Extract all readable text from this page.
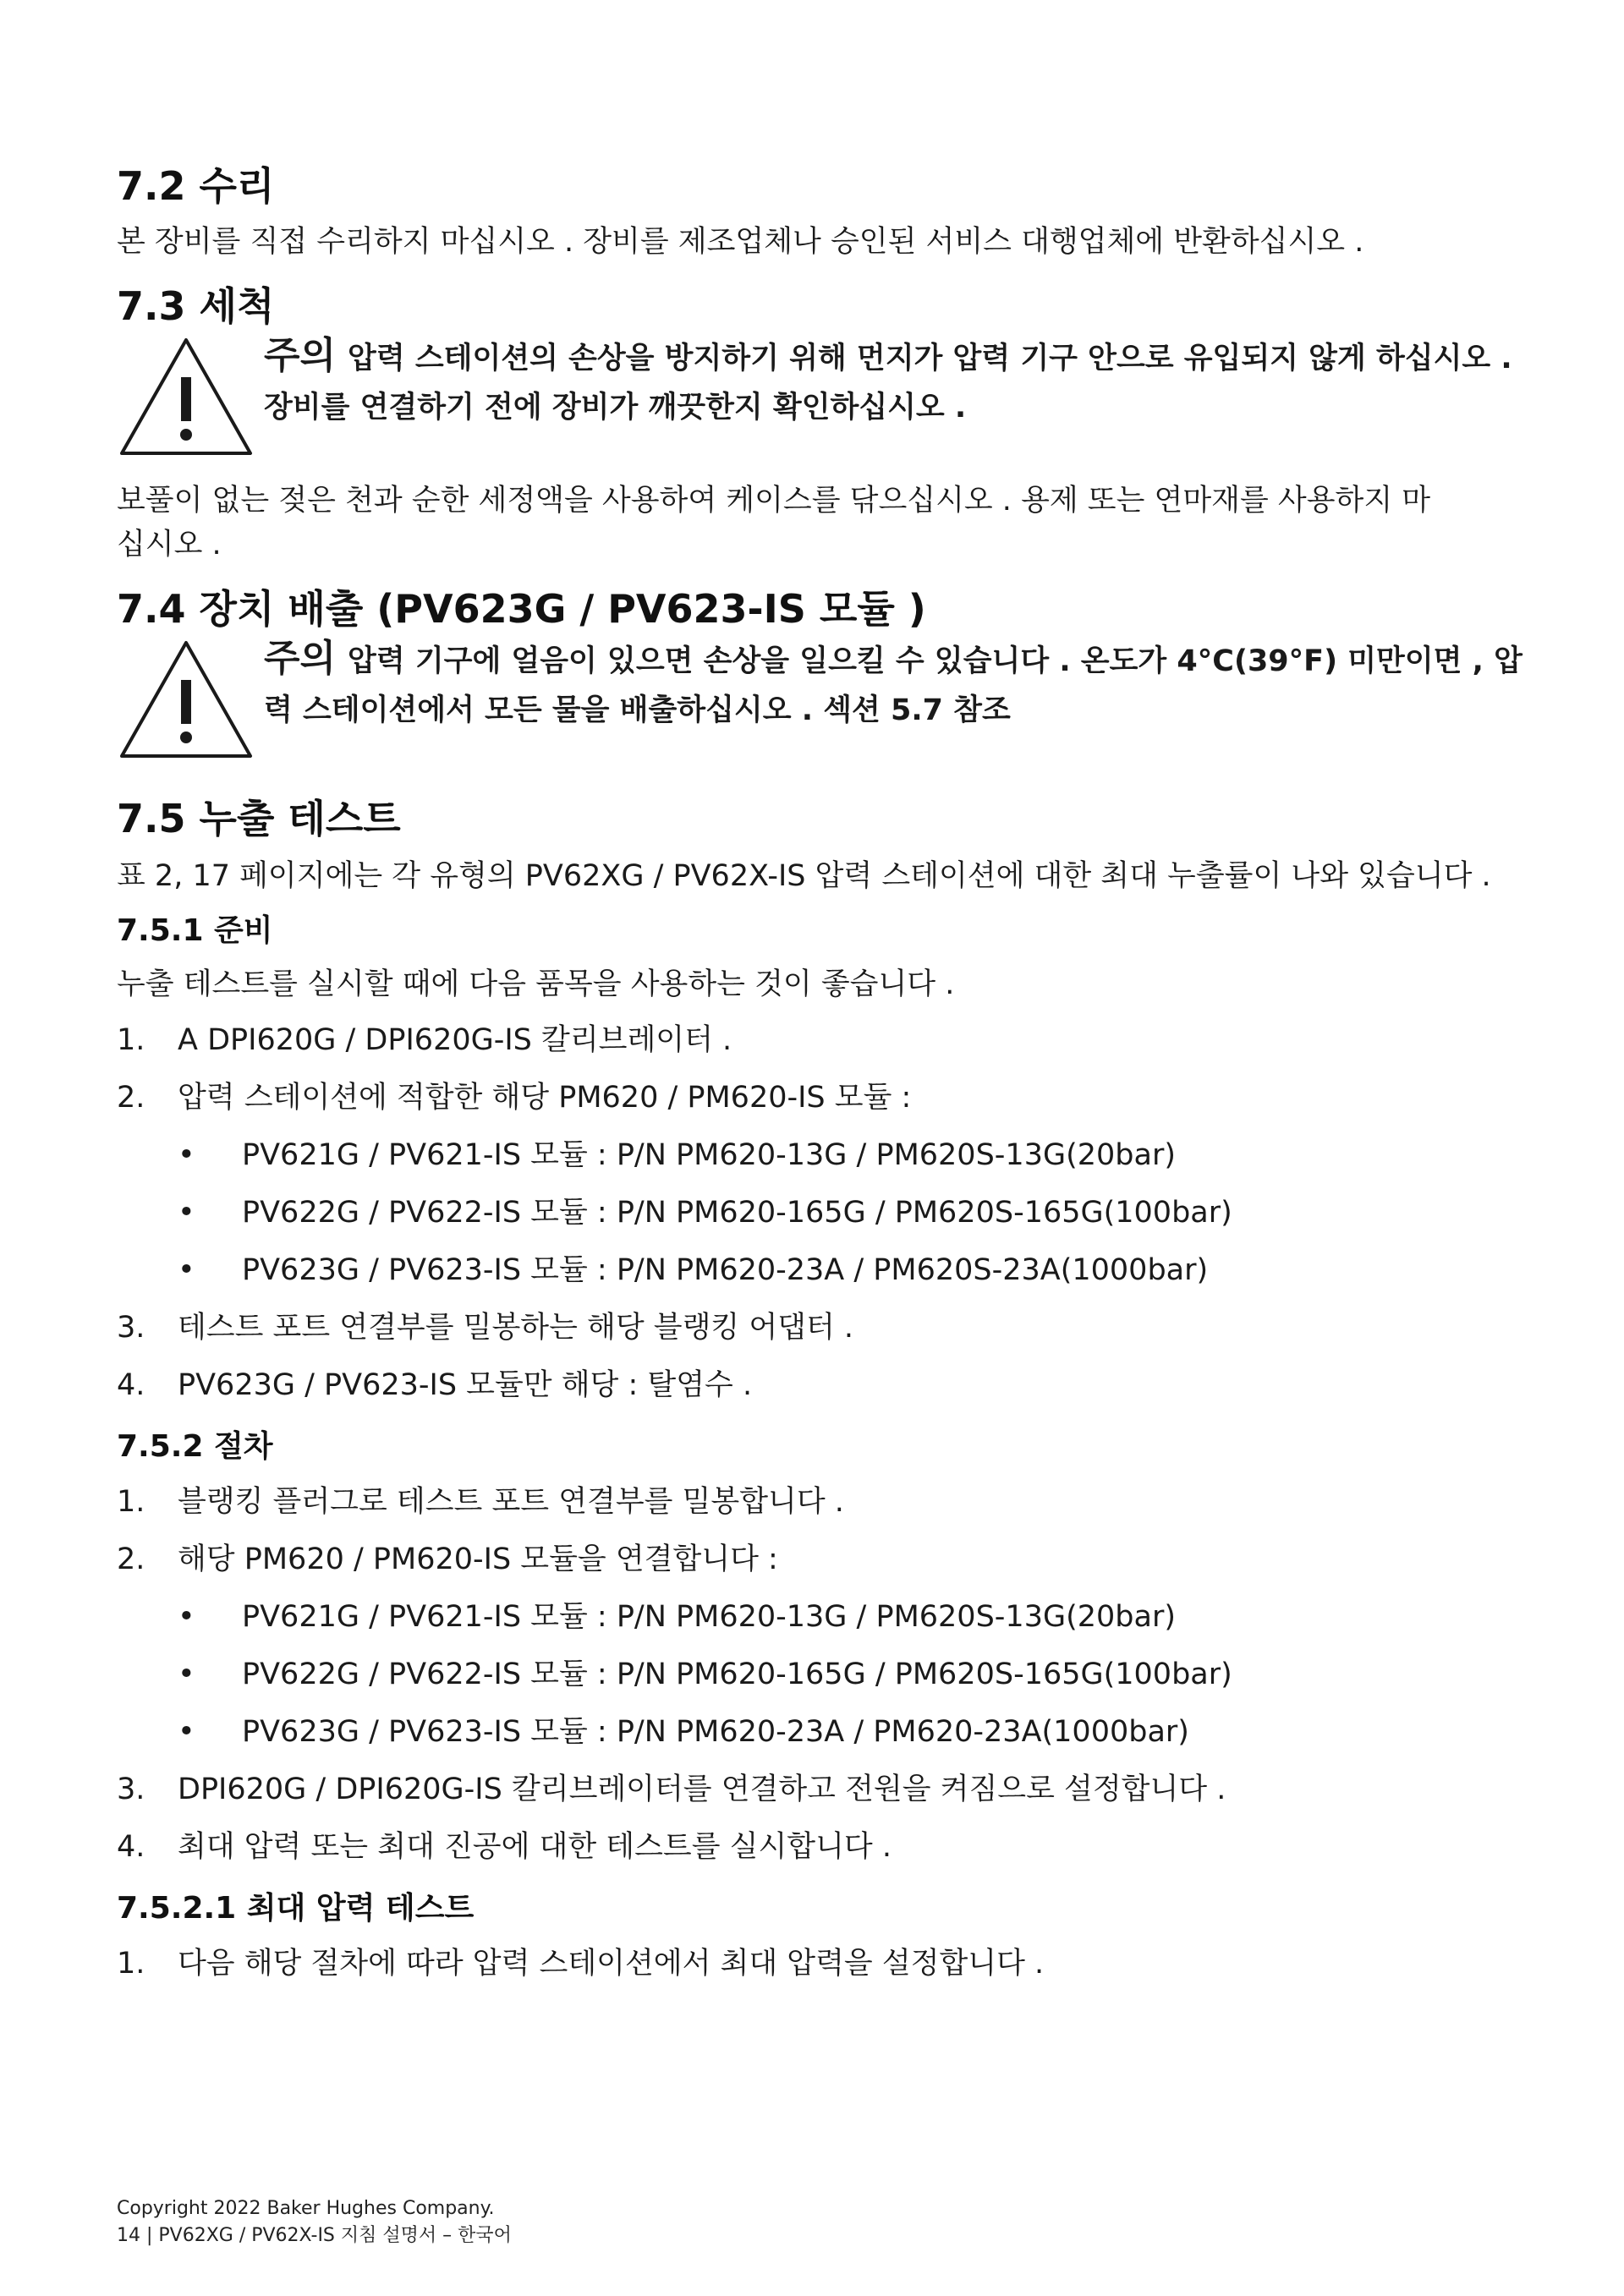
7.2 수리

본 장비를 직접 수리하지 마십시오 . 장비를 제조업체나 승인된 서비스 대행업체에 반환하십시오 .

7.3 세척
주의 압력 스테이션의 손상을 방지하기 위해 먼지가 압력 기구 안으로 유입되지 않게 하십시오 . 장비를 연결하기 전에 장비가 깨끗한지 확인하십시오 .

보풀이 없는 젖은 천과 순한 세정액을 사용하여 케이스를 닦으십시오 . 용제 또는 연마재를 사용하지 마십시오 .

7.4 장치 배출 (PV623G / PV623-IS 모듈 )
주의 압력 기구에 얼음이 있으면 손상을 일으킬 수 있습니다 . 온도가 4°C(39°F) 미만이면 , 압력 스테이션에서 모든 물을 배출하십시오 . 섹션 5.7 참조
7.5 누출 테스트

표 2, 17 페이지에는 각 유형의 PV62XG / PV62X-IS 압력 스테이션에 대한 최대 누출률이 나와 있습니다 .

7.5.1 준비

누출 테스트를 실시할 때에 다음 품목을 사용하는 것이 좋습니다 .

1. A DPI620G / DPI620G-IS 칼리브레이터 .
2. 압력 스테이션에 적합한 해당 PM620 / PM620-IS 모듈 :
• PV621G / PV621-IS 모듈 : P/N PM620-13G / PM620S-13G(20bar)
• PV622G / PV622-IS 모듈 : P/N PM620-165G / PM620S-165G(100bar)
• PV623G / PV623-IS 모듈 : P/N PM620-23A / PM620S-23A(1000bar)
3. 테스트 포트 연결부를 밀봉하는 해당 블랭킹 어댑터 .
4. PV623G / PV623-IS 모듈만 해당 : 탈염수 .
7.5.2 절차
1. 블랭킹 플러그로 테스트 포트 연결부를 밀봉합니다 .
2. 해당 PM620 / PM620-IS 모듈을 연결합니다 :
• PV621G / PV621-IS 모듈 : P/N PM620-13G / PM620S-13G(20bar)
• PV622G / PV622-IS 모듈 : P/N PM620-165G / PM620S-165G(100bar)
• PV623G / PV623-IS 모듈 : P/N PM620-23A / PM620-23A(1000bar)
3. DPI620G / DPI620G-IS 칼리브레이터를 연결하고 전원을 켜짐으로 설정합니다 .
4. 최대 압력 또는 최대 진공에 대한 테스트를 실시합니다 .
7.5.2.1 최대 압력 테스트
1. 다음 해당 절차에 따라 압력 스테이션에서 최대 압력을 설정합니다 .
Copyright 2022 Baker Hughes Company.
14 | PV62XG / PV62X-IS 지침 설명서 – 한국어
